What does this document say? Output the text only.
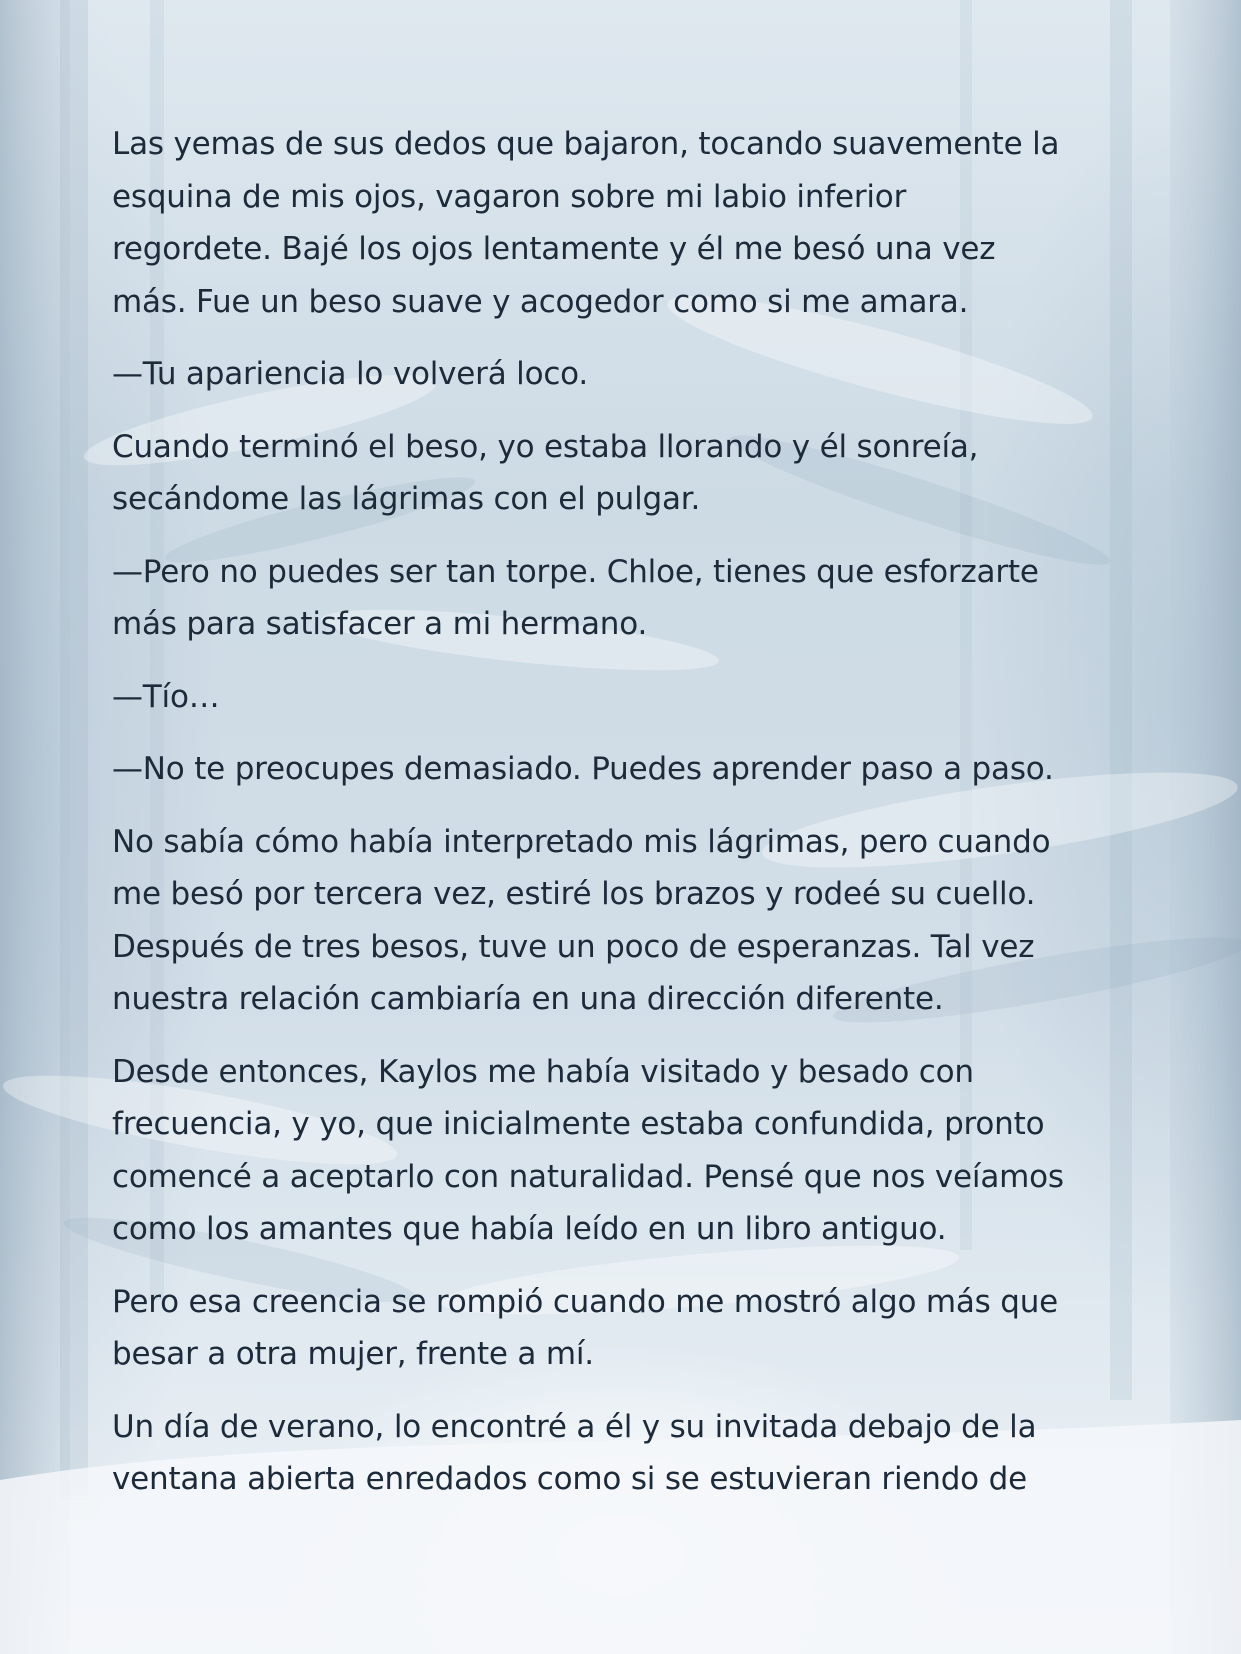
Las yemas de sus dedos que bajaron, tocando suavemente la
esquina de mis ojos, vagaron sobre mi labio inferior
regordete. Bajé los ojos lentamente y él me besó una vez
más. Fue un beso suave y acogedor como si me amara.

—Tu apariencia lo volverá loco.

Cuando terminó el beso, yo estaba llorando y él sonreía,
secándome las lágrimas con el pulgar.

—Pero no puedes ser tan torpe. Chloe, tienes que esforzarte
más para satisfacer a mi hermano.

—Tío…

—No te preocupes demasiado. Puedes aprender paso a paso.

No sabía cómo había interpretado mis lágrimas, pero cuando
me besó por tercera vez, estiré los brazos y rodeé su cuello.
Después de tres besos, tuve un poco de esperanzas. Tal vez
nuestra relación cambiaría en una dirección diferente.

Desde entonces, Kaylos me había visitado y besado con
frecuencia, y yo, que inicialmente estaba confundida, pronto
comencé a aceptarlo con naturalidad. Pensé que nos veíamos
como los amantes que había leído en un libro antiguo.

Pero esa creencia se rompió cuando me mostró algo más que
besar a otra mujer, frente a mí.

Un día de verano, lo encontré a él y su invitada debajo de la
ventana abierta enredados como si se estuvieran riendo de
